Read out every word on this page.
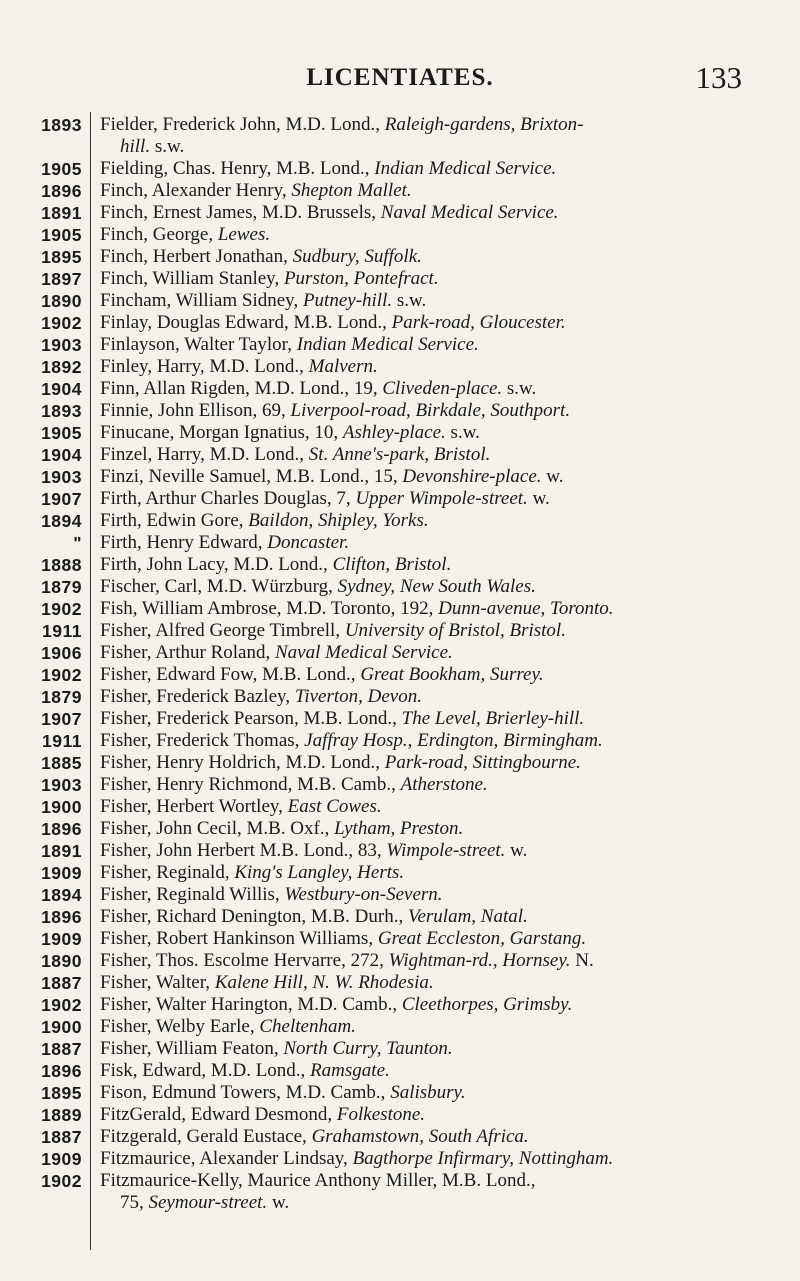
LICENTIATES.	133
1893
1905
1896
1891
1905
1895
1897
1890
1902
1903
1892
1904
1893
1905
1904
1903
1907
1894
"
1888
1879
1902
1911
1906
1902
1879
1907
1911
1885
1903
1900
1896
1891
1909
1894
1896
1909
1890
1887
1902
1900
1887
1896
1895
1889
1887
1909
1902
Fielder, Frederick John, M.D. Lond., Raleigh-gardens, Brixton-
hill. s.w.
Fielding, Chas. Henry, M.B. Lond., Indian Medical Service.
Finch, Alexander Henry, Shepton Mallet.
Finch, Ernest James, M.D. Brussels, Naval Medical Service.
Finch, George, Lewes.
Finch, Herbert Jonathan, Sudbury, Suffolk.
Finch, William Stanley, Purston, Pontefract.
Fincham, William Sidney, Putney-hill. s.w.
Finlay, Douglas Edward, M.B. Lond., Park-road, Gloucester.
Finlayson, Walter Taylor, Indian Medical Service.
Finley, Harry, M.D. Lond., Malvern.
Finn, Allan Rigden, M.D. Lond., 19, Cliveden-place. s.w.
Finnie, John Ellison, 69, Liverpool-road, Birkdale, Southport.
Finucane, Morgan Ignatius, 10, Ashley-place. s.w.
Finzel, Harry, M.D. Lond., St. Anne's-park, Bristol.
Finzi, Neville Samuel, M.B. Lond., 15, Devonshire-place. w.
Firth, Arthur Charles Douglas, 7, Upper Wimpole-street. w.
Firth, Edwin Gore, Baildon, Shipley, Yorks.
Firth, Henry Edward, Doncaster.
Firth, John Lacy, M.D. Lond., Clifton, Bristol.
Fischer, Carl, M.D. Würzburg, Sydney, New South Wales.
Fish, William Ambrose, M.D. Toronto, 192, Dunn-avenue, Toronto.
Fisher, Alfred George Timbrell, University of Bristol, Bristol.
Fisher, Arthur Roland, Naval Medical Service.
Fisher, Edward Fow, M.B. Lond., Great Bookham, Surrey.
Fisher, Frederick Bazley, Tiverton, Devon.
Fisher, Frederick Pearson, M.B. Lond., The Level, Brierley-hill.
Fisher, Frederick Thomas, Jaffray Hosp., Erdington, Birmingham.
Fisher, Henry Holdrich, M.D. Lond., Park-road, Sittingbourne.
Fisher, Henry Richmond, M.B. Camb., Atherstone.
Fisher, Herbert Wortley, East Cowes.
Fisher, John Cecil, M.B. Oxf., Lytham, Preston.
Fisher, John Herbert M.B. Lond., 83, Wimpole-street. w.
Fisher, Reginald, King's Langley, Herts.
Fisher, Reginald Willis, Westbury-on-Severn.
Fisher, Richard Denington, M.B. Durh., Verulam, Natal.
Fisher, Robert Hankinson Williams, Great Eccleston, Garstang.
Fisher, Thos. Escolme Hervarre, 272, Wightman-rd., Hornsey. N.
Fisher, Walter, Kalene Hill, N. W. Rhodesia.
Fisher, Walter Harington, M.D. Camb., Cleethorpes, Grimsby.
Fisher, Welby Earle, Cheltenham.
Fisher, William Featon, North Curry, Taunton.
Fisk, Edward, M.D. Lond., Ramsgate.
Fison, Edmund Towers, M.D. Camb., Salisbury.
FitzGerald, Edward Desmond, Folkestone.
Fitzgerald, Gerald Eustace, Grahamstown, South Africa.
Fitzmaurice, Alexander Lindsay, Bagthorpe Infirmary, Nottingham.
Fitzmaurice-Kelly, Maurice Anthony Miller, M.B. Lond.,
75, Seymour-street. w.
